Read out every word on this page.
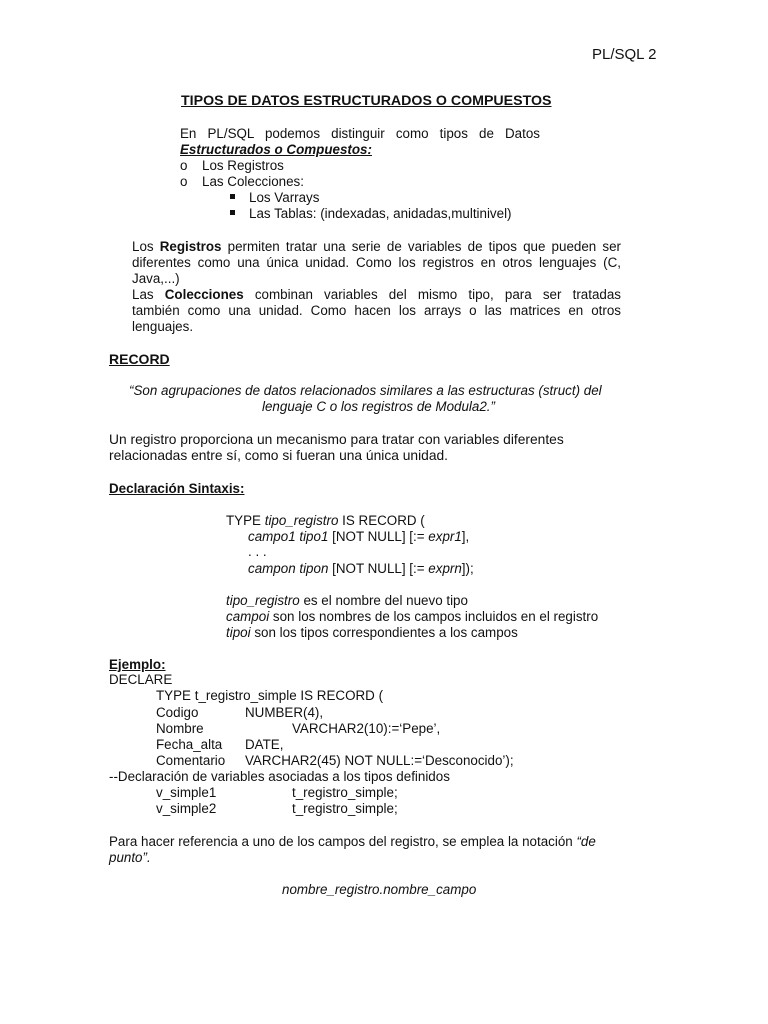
PL/SQL 2
TIPOS DE DATOS ESTRUCTURADOS O COMPUESTOS
En PL/SQL podemos distinguir como tipos de Datos
Estructurados o Compuestos:
o Los Registros
o Las Colecciones:
Los Varrays
Las Tablas: (indexadas, anidadas,multinivel)
Los Registros permiten tratar una serie de variables de tipos que pueden ser
diferentes como una única unidad. Como los registros en otros lenguajes (C,
Java,...)
Las Colecciones combinan variables del mismo tipo, para ser tratadas
también como una unidad. Como hacen los arrays o las matrices en otros
lenguajes.
RECORD
“Son agrupaciones de datos relacionados similares a las estructuras (struct) del
lenguaje C o los registros de Modula2.”
Un registro proporciona un mecanismo para tratar con variables diferentes
relacionadas entre sí, como si fueran una única unidad.
Declaración Sintaxis:
TYPE tipo_registro IS RECORD (
campo1 tipo1 [NOT NULL] [:= expr1],
. . .
campon tipon [NOT NULL] [:= exprn]);
tipo_registro es el nombre del nuevo tipo
campoi son los nombres de los campos incluidos en el registro
tipoi son los tipos correspondientes a los campos
Ejemplo:
DECLARE
TYPE t_registro_simple IS RECORD (
Codigo	NUMBER(4),
Nombre	VARCHAR2(10):=‘Pepe’,
Fecha_alta DATE,
Comentario VARCHAR2(45) NOT NULL:=‘Desconocido’);
--Declaración de variables asociadas a los tipos definidos
v_simple1	t_registro_simple;
v_simple2	t_registro_simple;
Para hacer referencia a uno de los campos del registro, se emplea la notación “de
punto”.
nombre_registro.nombre_campo
